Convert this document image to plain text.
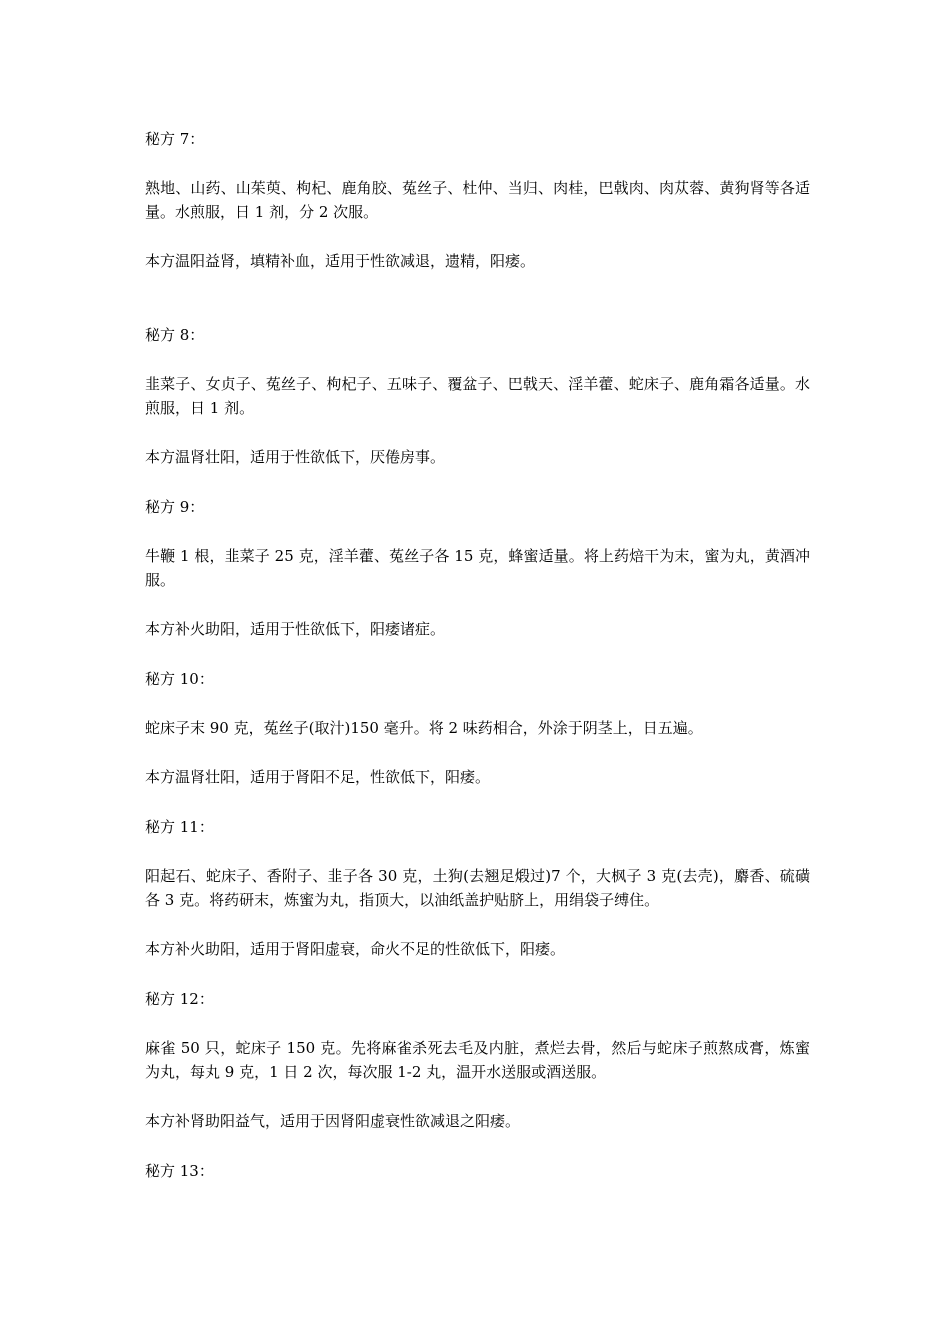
秘方 7：

熟地、山药、山茱萸、枸杞、鹿角胶、菟丝子、杜仲、当归、肉桂，巴戟肉、肉苁蓉、黄狗肾等各适量。水煎服，日 1 剂，分 2 次服。

本方温阳益肾，填精补血，适用于性欲减退，遗精，阳痿。

秘方 8：

韭菜子、女贞子、菟丝子、枸杞子、五味子、覆盆子、巴戟天、淫羊藿、蛇床子、鹿角霜各适量。水煎服，日 1 剂。

本方温肾壮阳，适用于性欲低下，厌倦房事。

秘方 9：

牛鞭 1 根，韭菜子 25 克，淫羊藿、菟丝子各 15 克，蜂蜜适量。将上药焙干为末，蜜为丸，黄酒冲服。

本方补火助阳，适用于性欲低下，阳痿诸症。

秘方 10：

蛇床子末 90 克，菟丝子(取汁)150 毫升。将 2 味药相合，外涂于阴茎上，日五遍。

本方温肾壮阳，适用于肾阳不足，性欲低下，阳痿。

秘方 11：

阳起石、蛇床子、香附子、韭子各 30 克，土狗(去翘足煅过)7 个，大枫子 3 克(去壳)，麝香、硫磺各 3 克。将药研末，炼蜜为丸，指顶大，以油纸盖护贴脐上，用绢袋子缚住。

本方补火助阳，适用于肾阳虚衰，命火不足的性欲低下，阳痿。

秘方 12：

麻雀 50 只，蛇床子 150 克。先将麻雀杀死去毛及内脏，煮烂去骨，然后与蛇床子煎熬成膏，炼蜜为丸，每丸 9 克，1 日 2 次，每次服 1-2 丸，温开水送服或酒送服。

本方补肾助阳益气，适用于因肾阳虚衰性欲减退之阳痿。

秘方 13：
